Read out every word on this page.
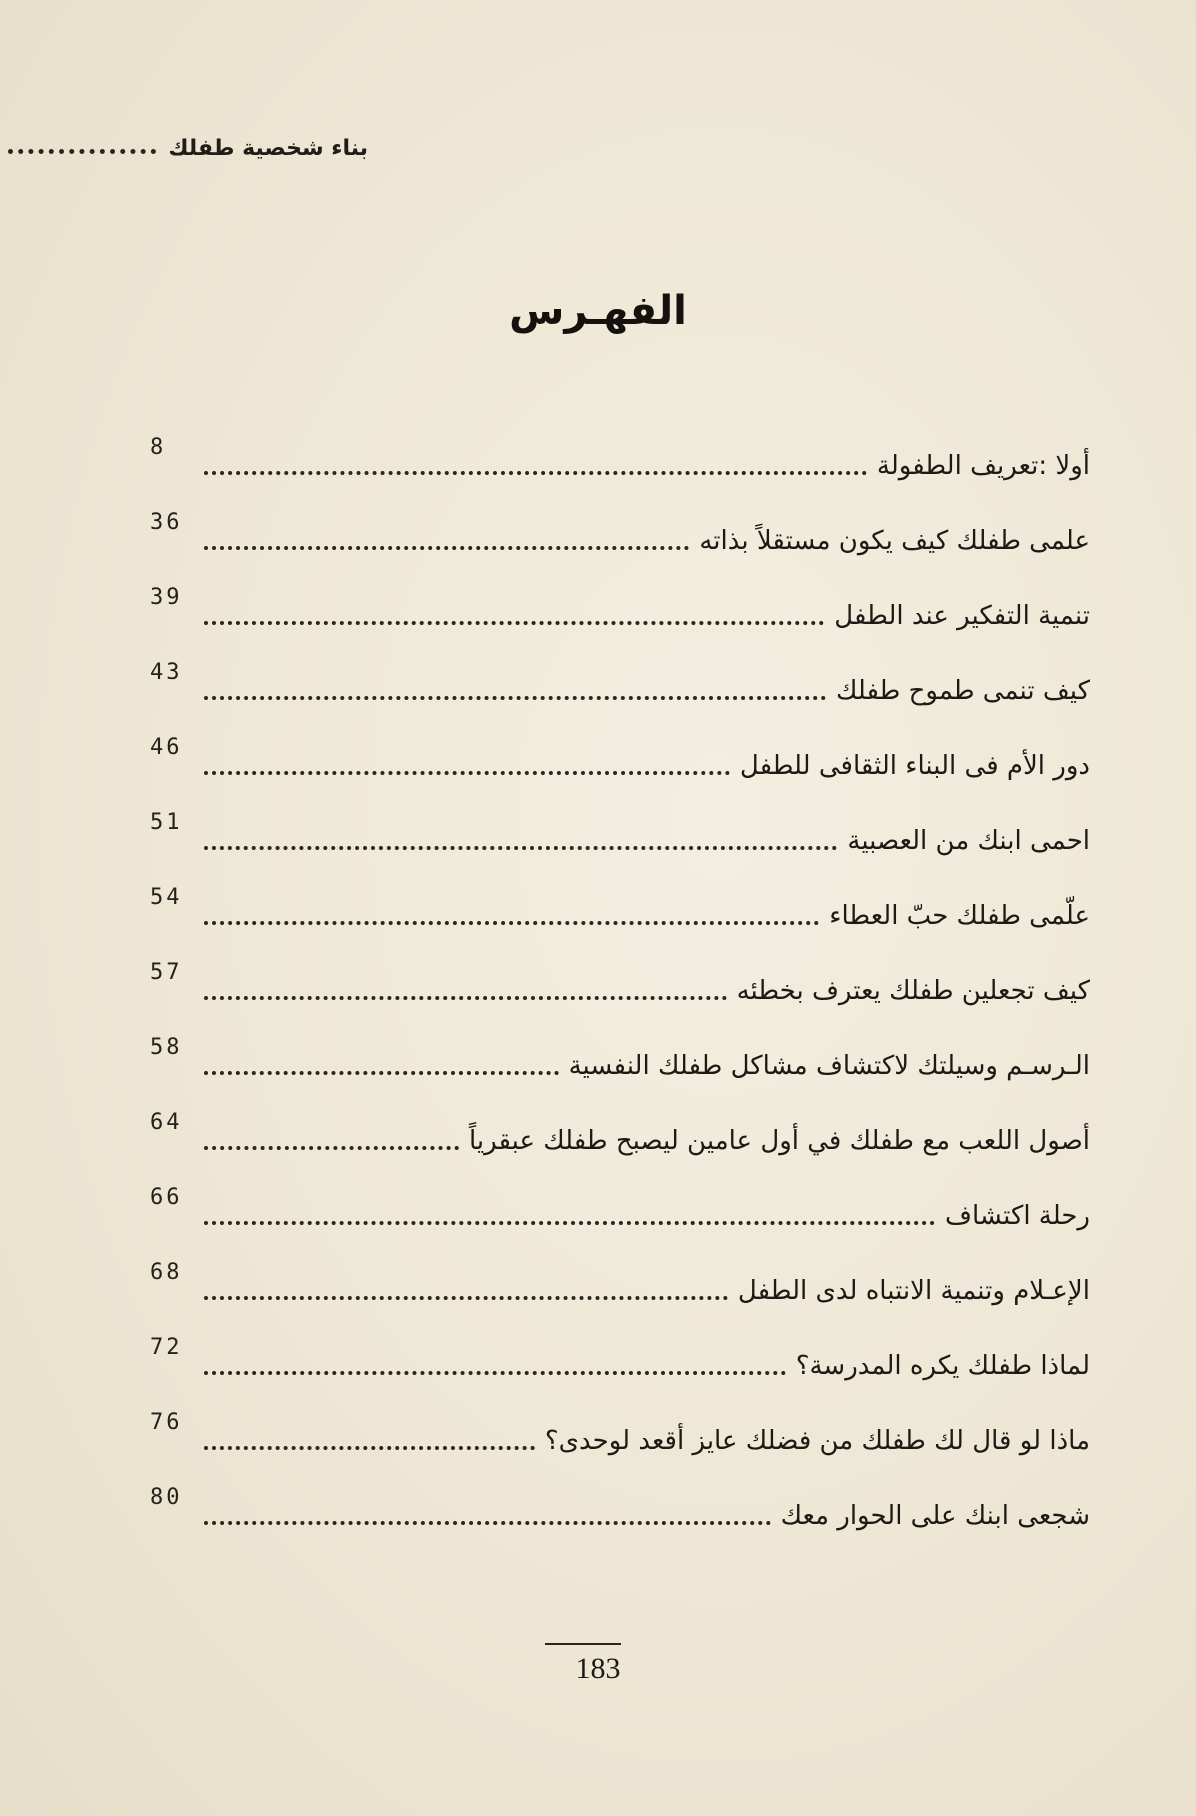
بناء شخصية طفلك
الفهـرس
أولا :تعريف الطفولة
8
علمى طفلك كيف يكون مستقلاً بذاته
36
تنمية التفكير عند الطفل
39
كيف تنمى طموح طفلك
43
دور الأم فى البناء الثقافى للطفل
46
احمى ابنك من العصبية
51
علّمى طفلك حبّ العطاء
54
كيف تجعلين طفلك يعترف بخطئه
57
الـرسـم وسيلتك لاكتشاف مشاكل طفلك النفسية
58
أصول اللعب مع طفلك في أول عامين ليصبح طفلك عبقرياً
64
رحلة اكتشاف
66
الإعـلام وتنمية الانتباه لدى الطفل
68
لماذا طفلك يكره المدرسة؟
72
ماذا لو قال لك طفلك من فضلك عايز أقعد لوحدى؟
76
شجعى ابنك على الحوار معك
80
183
